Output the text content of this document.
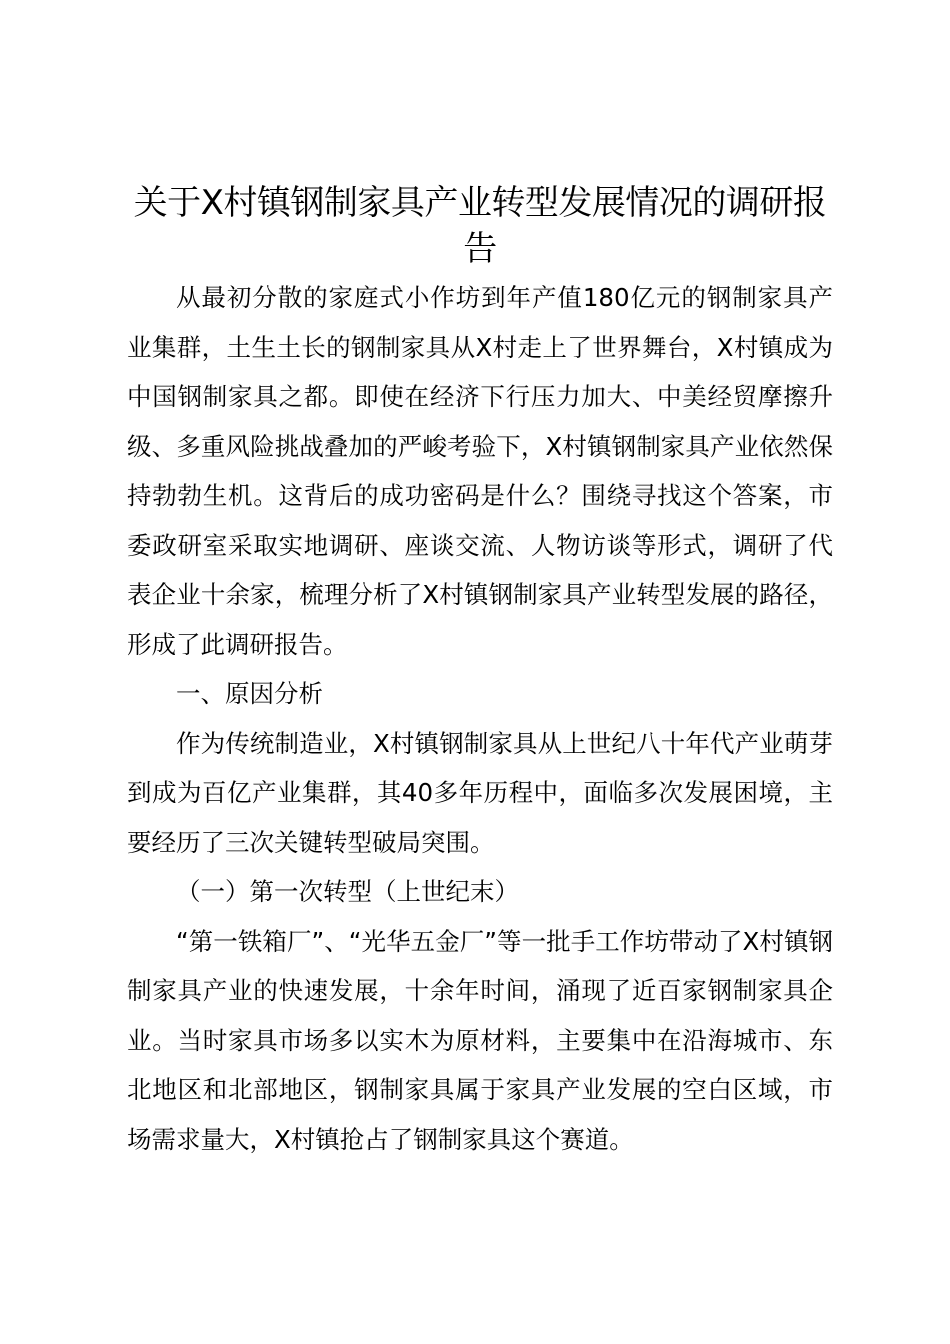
关于X村镇钢制家具产业转型发展情况的调研报告

从最初分散的家庭式小作坊到年产值180亿元的钢制家具产业集群，土生土长的钢制家具从X村走上了世界舞台，X村镇成为中国钢制家具之都。即使在经济下行压力加大、中美经贸摩擦升级、多重风险挑战叠加的严峻考验下，X村镇钢制家具产业依然保持勃勃生机。这背后的成功密码是什么？围绕寻找这个答案，市委政研室采取实地调研、座谈交流、人物访谈等形式，调研了代表企业十余家，梳理分析了X村镇钢制家具产业转型发展的路径，形成了此调研报告。

一、原因分析

作为传统制造业，X村镇钢制家具从上世纪八十年代产业萌芽到成为百亿产业集群，其40多年历程中，面临多次发展困境，主要经历了三次关键转型破局突围。

（一）第一次转型（上世纪末）

“第一铁箱厂”、“光华五金厂”等一批手工作坊带动了X村镇钢制家具产业的快速发展，十余年时间，涌现了近百家钢制家具企业。当时家具市场多以实木为原材料，主要集中在沿海城市、东北地区和北部地区，钢制家具属于家具产业发展的空白区域，市场需求量大，X村镇抢占了钢制家具这个赛道。
